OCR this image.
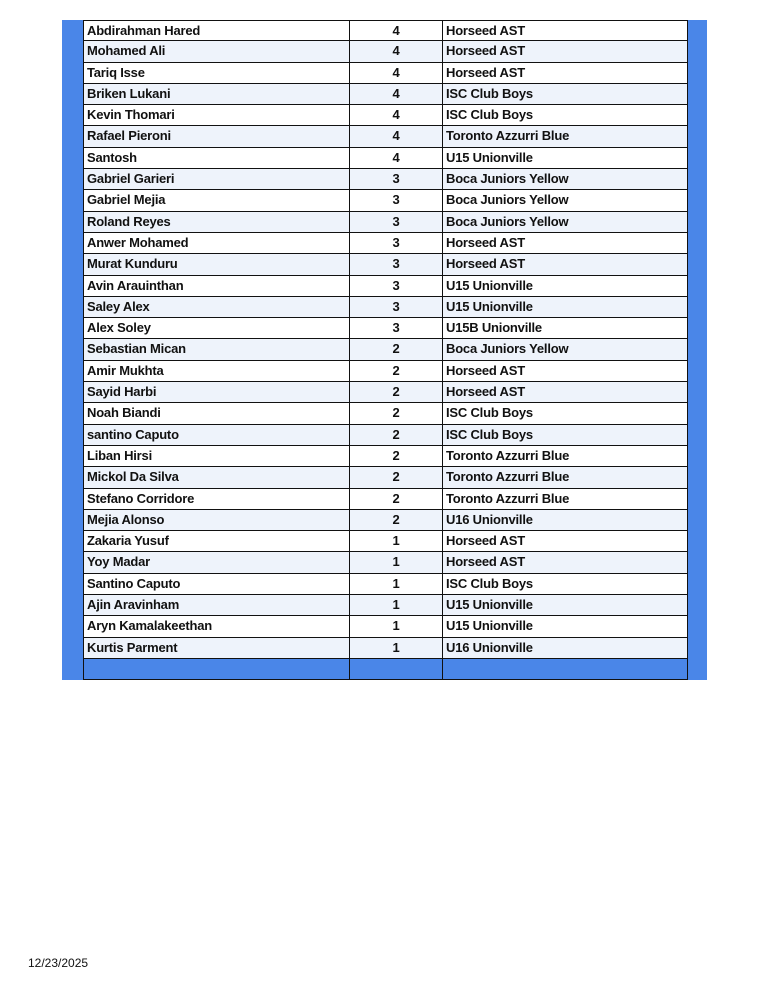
Abdirahman Hared	4	Horseed AST
Mohamed Ali	4	Horseed AST
Tariq Isse	4	Horseed AST
Briken Lukani	4	ISC Club Boys
Kevin Thomari	4	ISC Club Boys
Rafael Pieroni	4	Toronto Azzurri Blue
Santosh	4	U15 Unionville
Gabriel Garieri	3	Boca Juniors Yellow
Gabriel Mejia	3	Boca Juniors Yellow
Roland Reyes	3	Boca Juniors Yellow
Anwer Mohamed	3	Horseed AST
Murat Kunduru	3	Horseed AST
Avin Arauinthan	3	U15 Unionville
Saley Alex	3	U15 Unionville
Alex Soley	3	U15B Unionville
Sebastian Mican	2	Boca Juniors Yellow
Amir Mukhta	2	Horseed AST
Sayid Harbi	2	Horseed AST
Noah Biandi	2	ISC Club Boys
santino Caputo	2	ISC Club Boys
Liban Hirsi	2	Toronto Azzurri Blue
Mickol Da Silva	2	Toronto Azzurri Blue
Stefano Corridore	2	Toronto Azzurri Blue
Mejia Alonso	2	U16 Unionville
Zakaria Yusuf	1	Horseed AST
Yoy Madar	1	Horseed AST
Santino Caputo	1	ISC Club Boys
Ajin Aravinham	1	U15 Unionville
Aryn Kamalakeethan	1	U15 Unionville
Kurtis Parment	1	U16 Unionville
12/23/2025
